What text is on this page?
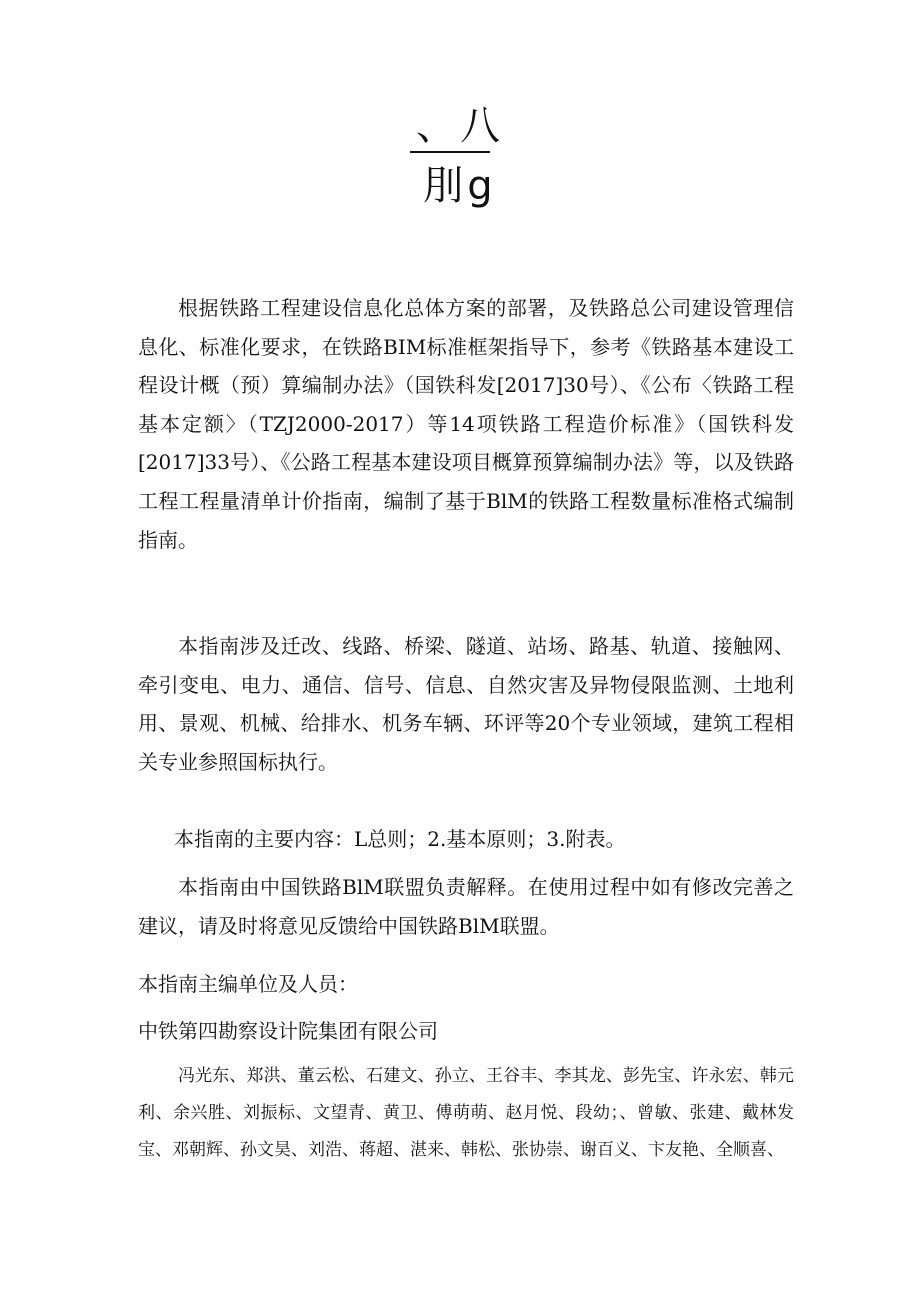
、八
刖g
根据铁路工程建设信息化总体方案的部署，及铁路总公司建设管理信息化、标准化要求，在铁路BIM标准框架指导下，参考《铁路基本建设工程设计概（预）算编制办法》（国铁科发[2017]30号）、《公布〈铁路工程基本定额〉（TZJ2000-2017）等14项铁路工程造价标准》（国铁科发[2017]33号）、《公路工程基本建设项目概算预算编制办法》等，以及铁路工程工程量清单计价指南，编制了基于BlM的铁路工程数量标准格式编制指南。
本指南涉及迁改、线路、桥梁、隧道、站场、路基、轨道、接触网、牵引变电、电力、通信、信号、信息、自然灾害及异物侵限监测、土地利用、景观、机械、给排水、机务车辆、环评等20个专业领域，建筑工程相关专业参照国标执行。
本指南的主要内容：L总则；2.基本原则；3.附表。
本指南由中国铁路BlM联盟负责解释。在使用过程中如有修改完善之建议，请及时将意见反馈给中国铁路BlM联盟。
本指南主编单位及人员：
中铁第四勘察设计院集团有限公司
冯光东、郑洪、董云松、石建文、孙立、王谷丰、李其龙、彭先宝、许永宏、韩元利、余兴胜、刘振标、文望青、黄卫、傅萌萌、赵月悦、段幼；、曾敏、张建、戴林发宝、邓朝辉、孙文昊、刘浩、蒋超、湛来、韩松、张协崇、谢百义、卞友艳、全顺喜、
